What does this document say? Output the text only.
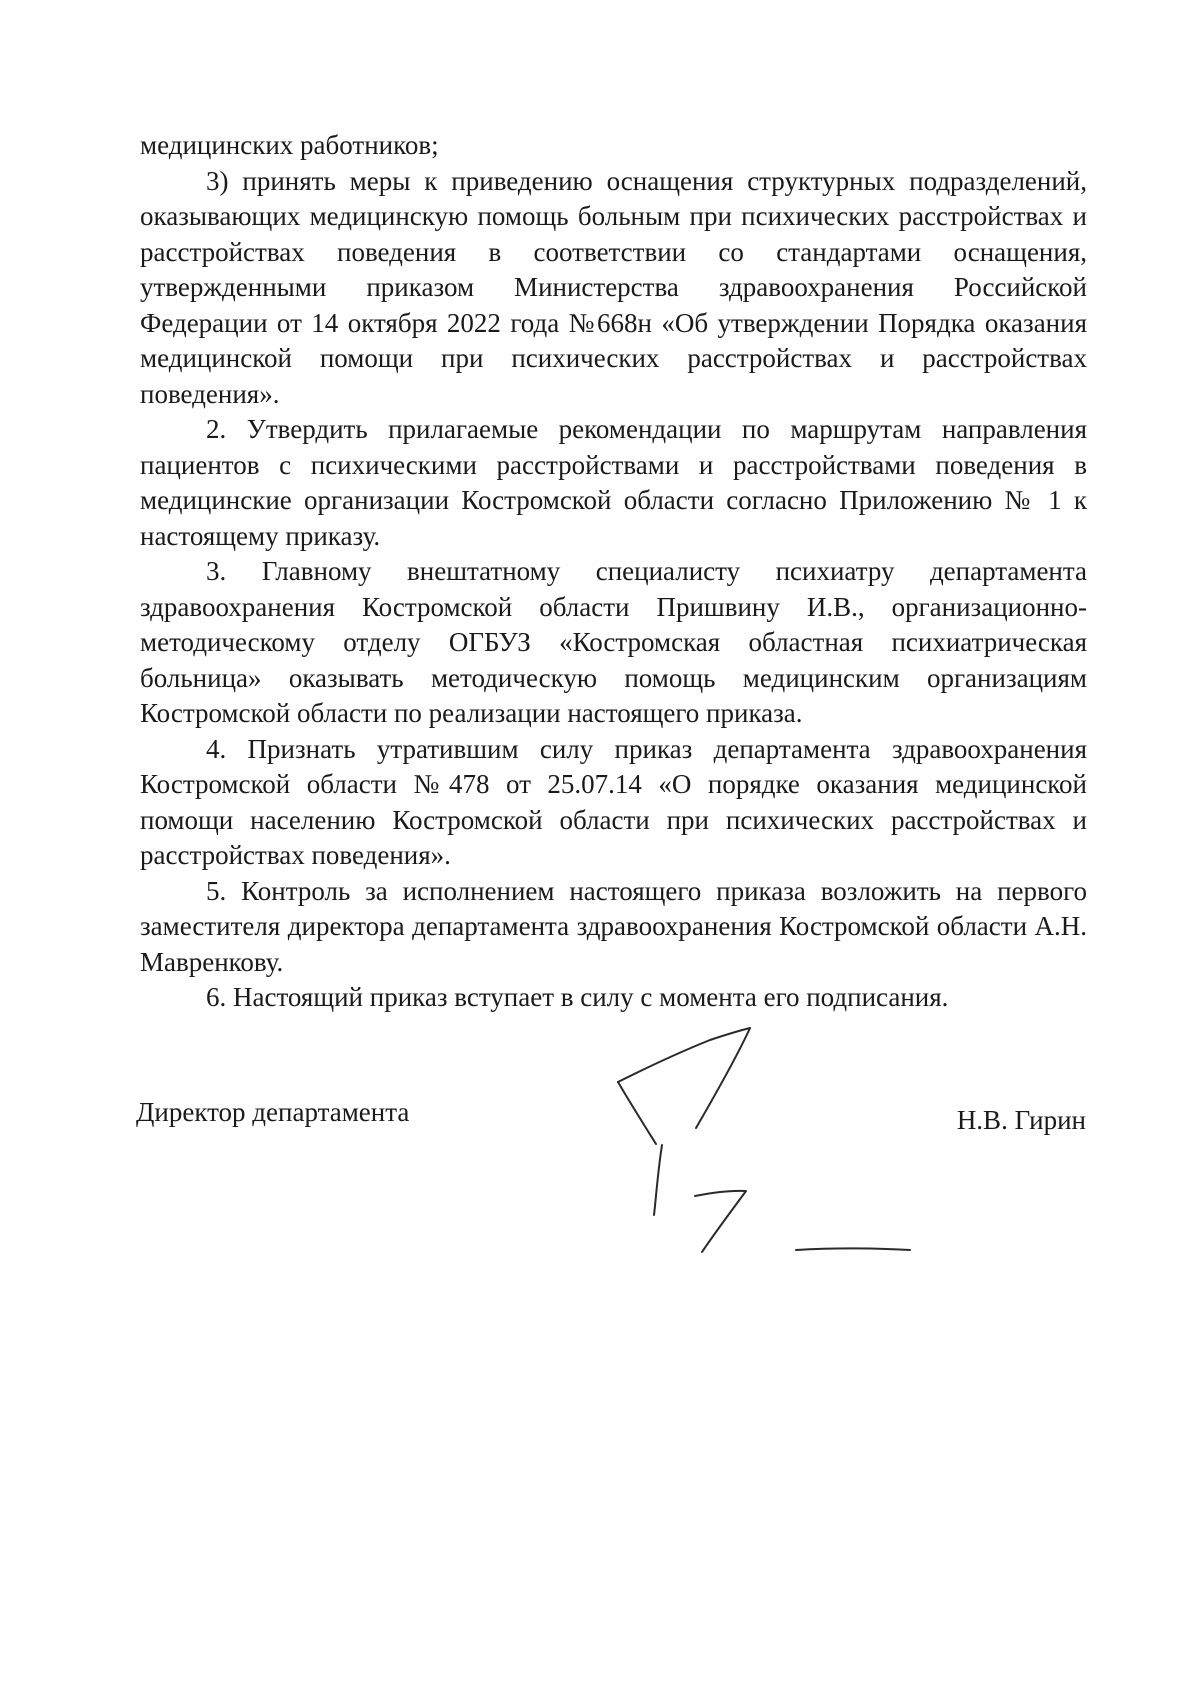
медицинских работников;

3) принять меры к приведению оснащения структурных подразделений, оказывающих медицинскую помощь больным при психических расстройствах и расстройствах поведения в соответствии со стандартами оснащения, утвержденными приказом Министерства здравоохранения Российской Федерации от 14 октября 2022 года №668н «Об утверждении Порядка оказания медицинской помощи при психических расстройствах и расстройствах поведения».

2. Утвердить прилагаемые рекомендации по маршрутам направления пациентов с психическими расстройствами и расстройствами поведения в медицинские организации Костромской области согласно Приложению № 1 к настоящему приказу.

3. Главному внештатному специалисту психиатру департамента здравоохранения Костромской области Пришвину И.В., организационно-методическому отделу ОГБУЗ «Костромская областная психиатрическая больница» оказывать методическую помощь медицинским организациям Костромской области по реализации настоящего приказа.

4. Признать утратившим силу приказ департамента здравоохранения Костромской области №478 от 25.07.14 «О порядке оказания медицинской помощи населению Костромской области при психических расстройствах и расстройствах поведения».

5. Контроль за исполнением настоящего приказа возложить на первого заместителя директора департамента здравоохранения Костромской области А.Н. Мавренкову.

6. Настоящий приказ вступает в силу с момента его подписания.

Директор департамента	Н.В. Гирин
